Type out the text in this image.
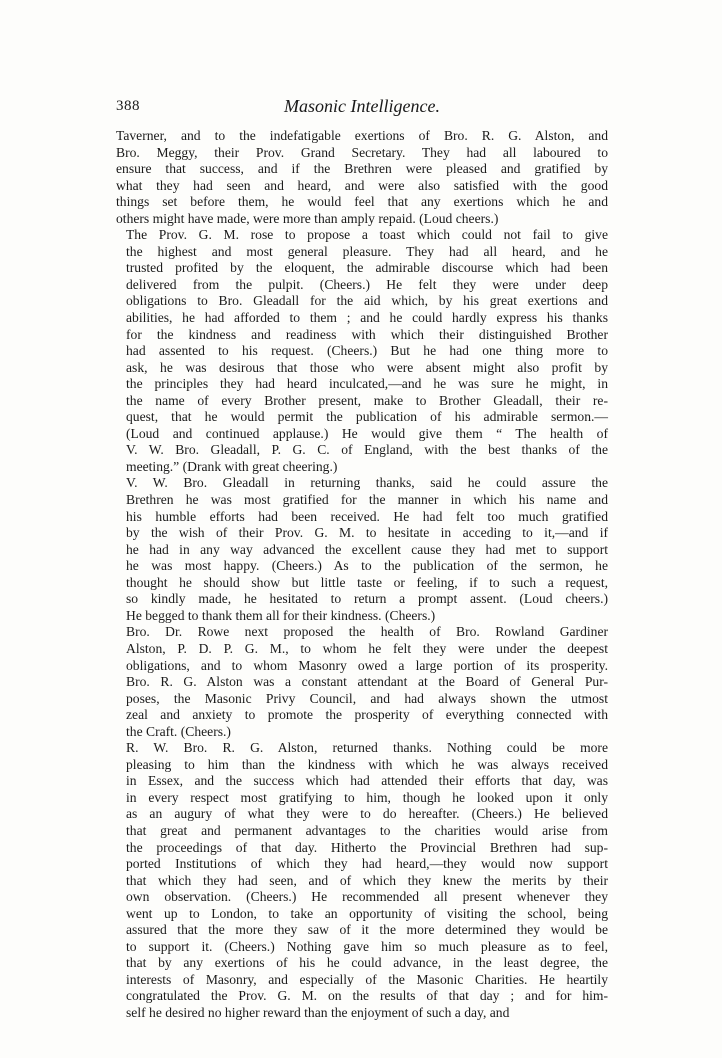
388	Masonic Intelligence.

Taverner, and to the indefatigable exertions of Bro. R. G. Alston, and
Bro. Meggy, their Prov. Grand Secretary. They had all laboured to
ensure that success, and if the Brethren were pleased and gratified by
what they had seen and heard, and were also satisfied with the good
things set before them, he would feel that any exertions which he and
others might have made, were more than amply repaid. (Loud cheers.)

The Prov. G. M. rose to propose a toast which could not fail to give
the highest and most general pleasure. They had all heard, and he
trusted profited by the eloquent, the admirable discourse which had been
delivered from the pulpit. (Cheers.) He felt they were under deep
obligations to Bro. Gleadall for the aid which, by his great exertions and
abilities, he had afforded to them ; and he could hardly express his thanks
for the kindness and readiness with which their distinguished Brother
had assented to his request. (Cheers.) But he had one thing more to
ask, he was desirous that those who were absent might also profit by
the principles they had heard inculcated,—and he was sure he might, in
the name of every Brother present, make to Brother Gleadall, their re-
quest, that he would permit the publication of his admirable sermon.—
(Loud and continued applause.) He would give them “ The health of
V. W. Bro. Gleadall, P. G. C. of England, with the best thanks of the
meeting.” (Drank with great cheering.)

V. W. Bro. Gleadall in returning thanks, said he could assure the
Brethren he was most gratified for the manner in which his name and
his humble efforts had been received. He had felt too much gratified
by the wish of their Prov. G. M. to hesitate in acceding to it,—and if
he had in any way advanced the excellent cause they had met to support
he was most happy. (Cheers.) As to the publication of the sermon, he
thought he should show but little taste or feeling, if to such a request,
so kindly made, he hesitated to return a prompt assent. (Loud cheers.)
He begged to thank them all for their kindness. (Cheers.)

Bro. Dr. Rowe next proposed the health of Bro. Rowland Gardiner
Alston, P. D. P. G. M., to whom he felt they were under the deepest
obligations, and to whom Masonry owed a large portion of its prosperity.
Bro. R. G. Alston was a constant attendant at the Board of General Pur-
poses, the Masonic Privy Council, and had always shown the utmost
zeal and anxiety to promote the prosperity of everything connected with
the Craft. (Cheers.)

R. W. Bro. R. G. Alston, returned thanks. Nothing could be more
pleasing to him than the kindness with which he was always received
in Essex, and the success which had attended their efforts that day, was
in every respect most gratifying to him, though he looked upon it only
as an augury of what they were to do hereafter. (Cheers.) He believed
that great and permanent advantages to the charities would arise from
the proceedings of that day. Hitherto the Provincial Brethren had sup-
ported Institutions of which they had heard,—they would now support
that which they had seen, and of which they knew the merits by their
own observation. (Cheers.) He recommended all present whenever they
went up to London, to take an opportunity of visiting the school, being
assured that the more they saw of it the more determined they would be
to support it. (Cheers.) Nothing gave him so much pleasure as to feel,
that by any exertions of his he could advance, in the least degree, the
interests of Masonry, and especially of the Masonic Charities. He heartily
congratulated the Prov. G. M. on the results of that day ; and for him-
self he desired no higher reward than the enjoyment of such a day, and
